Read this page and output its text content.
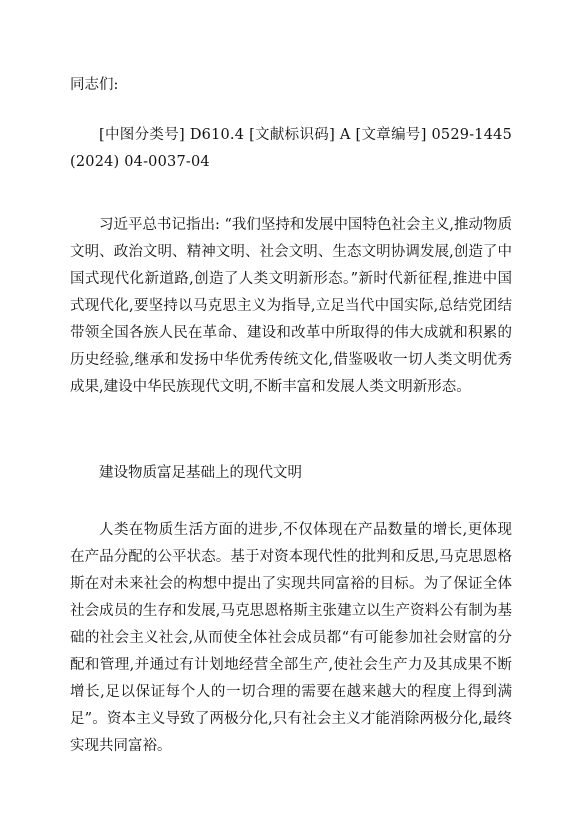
同志们:

[中图分类号] D610.4 [文献标识码] A [文章编号] 0529-1445 (2024) 04-0037-04

习近平总书记指出: “我们坚持和发展中国特色社会主义,推动物质文明、政治文明、精神文明、社会文明、生态文明协调发展,创造了中国式现代化新道路,创造了人类文明新形态。”新时代新征程,推进中国式现代化,要坚持以马克思主义为指导,立足当代中国实际,总结党团结带领全国各族人民在革命、建设和改革中所取得的伟大成就和积累的历史经验,继承和发扬中华优秀传统文化,借鉴吸收一切人类文明优秀成果,建设中华民族现代文明,不断丰富和发展人类文明新形态。

建设物质富足基础上的现代文明

人类在物质生活方面的进步,不仅体现在产品数量的增长,更体现在产品分配的公平状态。基于对资本现代性的批判和反思,马克思恩格斯在对未来社会的构想中提出了实现共同富裕的目标。为了保证全体社会成员的生存和发展,马克思恩格斯主张建立以生产资料公有制为基础的社会主义社会,从而使全体社会成员都“有可能参加社会财富的分配和管理,并通过有计划地经营全部生产,使社会生产力及其成果不断增长,足以保证每个人的一切合理的需要在越来越大的程度上得到满足”。资本主义导致了两极分化,只有社会主义才能消除两极分化,最终实现共同富裕。
